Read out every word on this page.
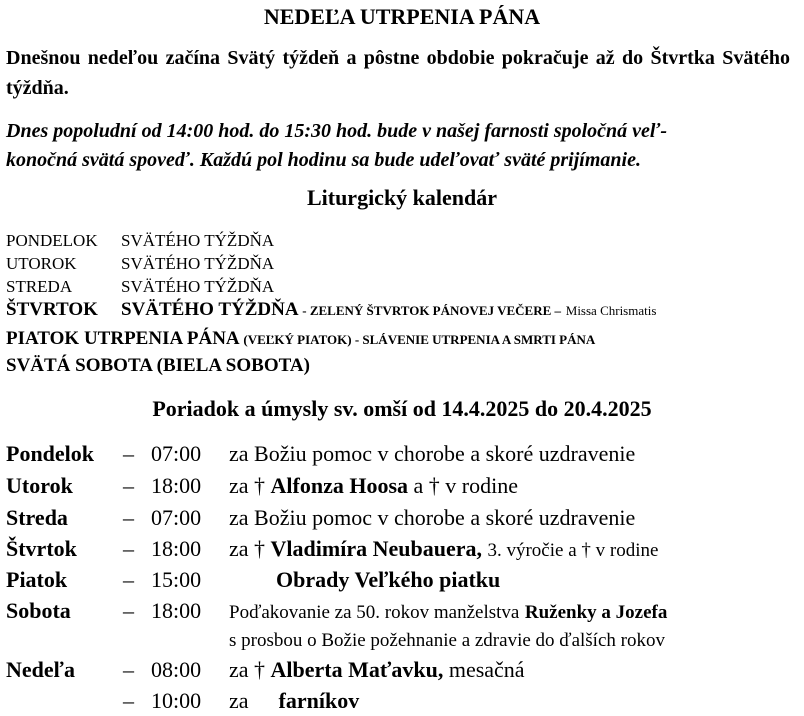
NEDEĽA UTRPENIA PÁNA
Dnešnou nedeľou začína Svätý týždeň a pôstne obdobie pokračuje až do Štvrtka Svätého týždňa.
Dnes popoludní od 14:00 hod. do 15:30 hod. bude v našej farnosti spoločná veľ-
konočná svätá spoveď. Každú pol hodinu sa bude udeľovať sväté prijímanie.
Liturgický kalendár
PONDELOK SVÄTÉHO TÝŽDŇA
UTOROK	SVÄTÉHO TÝŽDŇA
STREDA	SVÄTÉHO TÝŽDŇA
ŠTVRTOK SVÄTÉHO TÝŽDŇA - ZELENÝ ŠTVRTOK PÁNOVEJ VEČERE – Missa Chrismatis
PIATOK UTRPENIA PÁNA (VEĽKÝ PIATOK) - SLÁVENIE UTRPENIA A SMRTI PÁNA
SVÄTÁ SOBOTA (BIELA SOBOTA)
Poriadok a úmysly sv. omší od 14.4.2025 do 20.4.2025
Pondelok – 07:00 za Božiu pomoc v chorobe a skoré uzdravenie
Utorok – 18:00 za † Alfonza Hoosa a † v rodine
Streda	– 07:00 za Božiu pomoc v chorobe a skoré uzdravenie
Štvrtok – 18:00 za † Vladimíra Neubauera, 3. výročie a † v rodine
Piatok	– 15:00	Obrady Veľkého piatku
Sobota – 18:00 Poďakovanie za 50. rokov manželstva Ruženky a Jozefa
s prosbou o Božie požehnanie a zdravie do ďalších rokov
Nedeľa – 08:00 za † Alberta Maťavku, mesačná
– 10:00 za farníkov
